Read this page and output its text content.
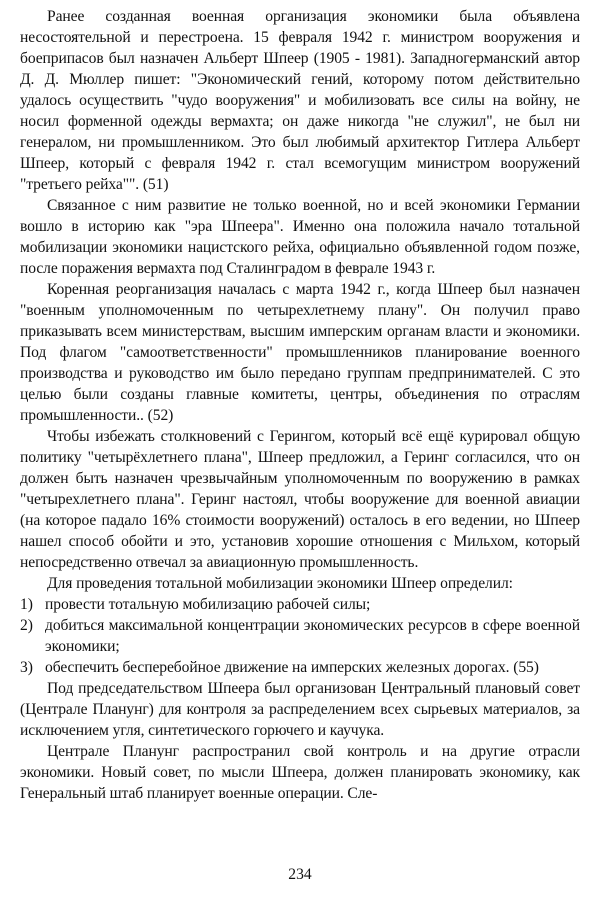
Ранее созданная военная организация экономики была объявлена несостоятельной и перестроена. 15 февраля 1942 г. министром вооружения и боеприпасов был назначен Альберт Шпеер (1905 - 1981). Западногерманский автор Д. Д. Мюллер пишет: "Экономический гений, которому потом действительно удалось осуществить "чудо вооружения" и мобилизовать все силы на войну, не носил форменной одежды вермахта; он даже никогда "не служил", не был ни генералом, ни промышленником. Это был любимый архитектор Гитлера Альберт Шпеер, который с февраля 1942 г. стал всемогущим министром вооружений "третьего рейха"". (51)

Связанное с ним развитие не только военной, но и всей экономики Германии вошло в историю как "эра Шпеера". Именно она положила начало тотальной мобилизации экономики нацистского рейха, официально объявленной годом позже, после поражения вермахта под Сталинградом в феврале 1943 г.

Коренная реорганизация началась с марта 1942 г., когда Шпеер был назначен "военным уполномоченным по четырехлетнему плану". Он получил право приказывать всем министерствам, высшим имперским органам власти и экономики. Под флагом "самоответственности" промышленников планирование военного производства и руководство им было передано группам предпринимателей. С это целью были созданы главные комитеты, центры, объединения по отраслям промышленности.. (52)

Чтобы избежать столкновений с Герингом, который всё ещё курировал общую политику "четырёхлетнего плана", Шпеер предложил, а Геринг согласился, что он должен быть назначен чрезвычайным уполномоченным по вооружению в рамках "четырехлетнего плана". Геринг настоял, чтобы вооружение для военной авиации (на которое падало 16% стоимости вооружений) осталось в его ведении, но Шпеер нашел способ обойти и это, установив хорошие отношения с Мильхом, который непосредственно отвечал за авиационную промышленность.

Для проведения тотальной мобилизации экономики Шпеер определил:

1) провести тотальную мобилизацию рабочей силы;
2) добиться максимальной концентрации экономических ресурсов в сфере военной экономики;
3) обеспечить бесперебойное движение на имперских железных дорогах. (55)

Под председательством Шпеера был организован Центральный плановый совет (Централе Планунг) для контроля за распределением всех сырьевых материалов, за исключением угля, синтетического горючего и каучука.

Централе Планунг распространил свой контроль и на другие отрасли экономики. Новый совет, по мысли Шпеера, должен планировать экономику, как Генеральный штаб планирует военные операции. Сле-

234
